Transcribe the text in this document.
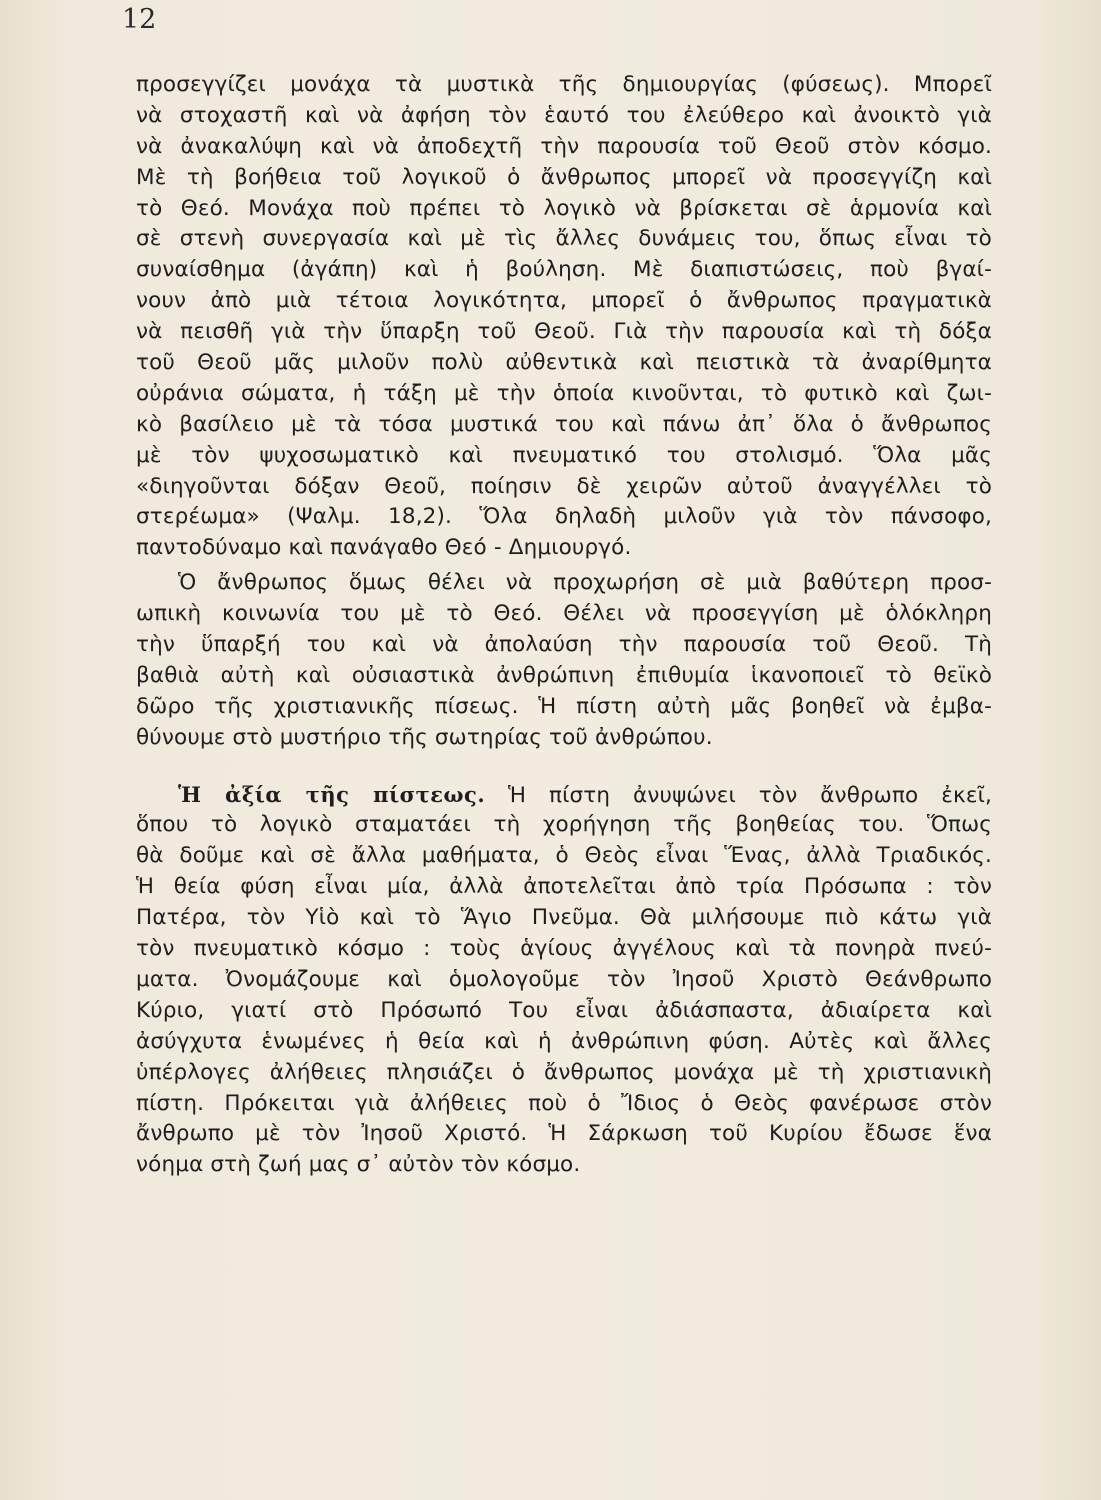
12
προσεγγίζει μονάχα τὰ μυστικὰ τῆς δημιουργίας (φύσεως). Μπορεῖ
νὰ στοχαστῆ καὶ νὰ ἀφήση τὸν ἑαυτό του ἐλεύθερο καὶ ἀνοικτὸ γιὰ
νὰ ἀνακαλύψη καὶ νὰ ἀποδεχτῆ τὴν παρουσία τοῦ Θεοῦ στὸν κόσμο.
Μὲ τὴ βοήθεια τοῦ λογικοῦ ὁ ἄνθρωπος μπορεῖ νὰ προσεγγίζη καὶ
τὸ Θεό. Μονάχα ποὺ πρέπει τὸ λογικὸ νὰ βρίσκεται σὲ ἁρμονία καὶ
σὲ στενὴ συνεργασία καὶ μὲ τὶς ἄλλες δυνάμεις του, ὅπως εἶναι τὸ
συναίσθημα (ἀγάπη) καὶ ἡ βούληση. Μὲ διαπιστώσεις, ποὺ βγαί-
νουν ἀπὸ μιὰ τέτοια λογικότητα, μπορεῖ ὁ ἄνθρωπος πραγματικὰ
νὰ πεισθῆ γιὰ τὴν ὕπαρξη τοῦ Θεοῦ. Γιὰ τὴν παρουσία καὶ τὴ δόξα
τοῦ Θεοῦ μᾶς μιλοῦν πολὺ αὐθεντικὰ καὶ πειστικὰ τὰ ἀναρίθμητα
οὐράνια σώματα, ἡ τάξη μὲ τὴν ὁποία κινοῦνται, τὸ φυτικὸ καὶ ζωι-
κὸ βασίλειο μὲ τὰ τόσα μυστικά του καὶ πάνω ἀπ᾽ ὅλα ὁ ἄνθρωπος
μὲ τὸν ψυχοσωματικὸ καὶ πνευματικό του στολισμό. Ὅλα μᾶς
«διηγοῦνται δόξαν Θεοῦ, ποίησιν δὲ χειρῶν αὐτοῦ ἀναγγέλλει τὸ
στερέωμα» (Ψαλμ. 18,2). Ὅλα δηλαδὴ μιλοῦν γιὰ τὸν πάνσοφο,
παντοδύναμο καὶ πανάγαθο Θεό - Δημιουργό.
Ὁ ἄνθρωπος ὅμως θέλει νὰ προχωρήση σὲ μιὰ βαθύτερη προσ-
ωπικὴ κοινωνία του μὲ τὸ Θεό. Θέλει νὰ προσεγγίση μὲ ὁλόκληρη
τὴν ὕπαρξή του καὶ νὰ ἀπολαύση τὴν παρουσία τοῦ Θεοῦ. Τὴ
βαθιὰ αὐτὴ καὶ οὐσιαστικὰ ἀνθρώπινη ἐπιθυμία ἱκανοποιεῖ τὸ θεϊκὸ
δῶρο τῆς χριστιανικῆς πίσεως. Ἡ πίστη αὐτὴ μᾶς βοηθεῖ νὰ ἐμβα-
θύνουμε στὸ μυστήριο τῆς σωτηρίας τοῦ ἀνθρώπου.
Ἡ ἀξία τῆς πίστεως. Ἡ πίστη ἀνυψώνει τὸν ἄνθρωπο ἐκεῖ,
ὅπου τὸ λογικὸ σταματάει τὴ χορήγηση τῆς βοηθείας του. Ὅπως
θὰ δοῦμε καὶ σὲ ἄλλα μαθήματα, ὁ Θεὸς εἶναι Ἕνας, ἀλλὰ Τριαδικός.
Ἡ θεία φύση εἶναι μία, ἀλλὰ ἀποτελεῖται ἀπὸ τρία Πρόσωπα : τὸν
Πατέρα, τὸν Υἱὸ καὶ τὸ Ἅγιο Πνεῦμα. Θὰ μιλήσουμε πιὸ κάτω γιὰ
τὸν πνευματικὸ κόσμο : τοὺς ἁγίους ἀγγέλους καὶ τὰ πονηρὰ πνεύ-
ματα. Ὀνομάζουμε καὶ ὁμολογοῦμε τὸν Ἰησοῦ Χριστὸ Θεάνθρωπο
Κύριο, γιατί στὸ Πρόσωπό Του εἶναι ἀδιάσπαστα, ἀδιαίρετα καὶ
ἀσύγχυτα ἑνωμένες ἡ θεία καὶ ἡ ἀνθρώπινη φύση. Αὐτὲς καὶ ἄλλες
ὑπέρλογες ἀλήθειες πλησιάζει ὁ ἄνθρωπος μονάχα μὲ τὴ χριστιανικὴ
πίστη. Πρόκειται γιὰ ἀλήθειες ποὺ ὁ Ἴδιος ὁ Θεὸς φανέρωσε στὸν
ἄνθρωπο μὲ τὸν Ἰησοῦ Χριστό. Ἡ Σάρκωση τοῦ Κυρίου ἔδωσε ἕνα
νόημα στὴ ζωή μας σ᾽ αὐτὸν τὸν κόσμο.
